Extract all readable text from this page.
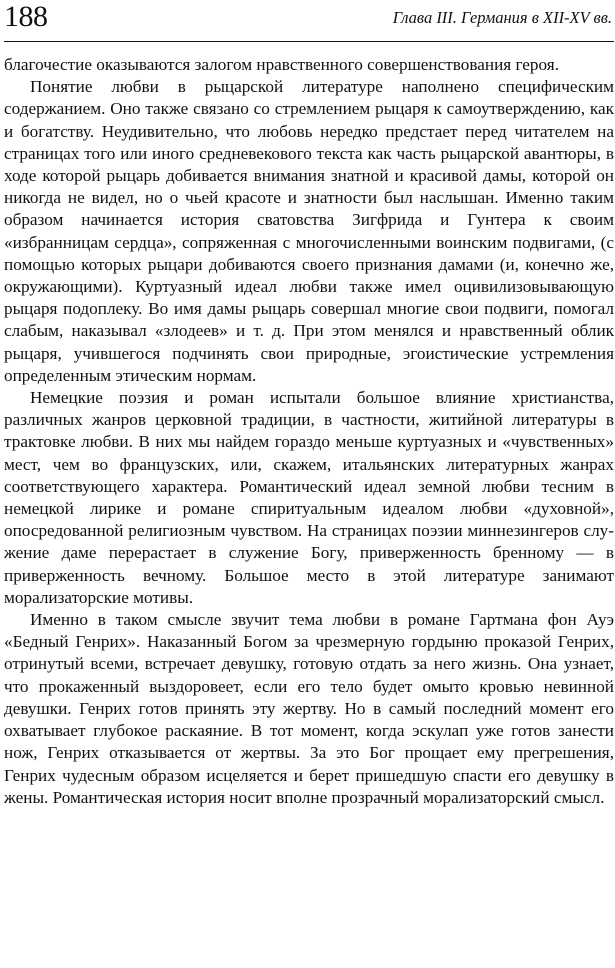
188	Глава III. Германия в XII-XV вв.

благочестие оказываются залогом нравственного совершенствования героя.

Понятие любви в рыцарской литературе наполнено специфическим содержанием. Оно также связано со стремлением рыцаря к самоутверждению, как и богатству. Неудивительно, что любовь нередко предстает перед читателем на страницах того или иного средневекового текста как часть рыцарской авантюры, в ходе которой рыцарь добивается внимания знатной и красивой дамы, которой он никогда не видел, но о чьей красоте и знатности был наслышан. Именно таким образом начинается история сватовства Зигфрида и Гунтера к своим «избранницам сердца», сопряженная с многочисленными воинским подвигами, (с помощью которых рыцари добиваются своего признания дамами (и, конечно же, окружающими). Куртуазный идеал любви также имел оцивилизовывающую рыцаря подоплеку. Во имя дамы рыцарь совершал многие свои подвиги, помогал слабым, наказывал «злодеев» и т. д. При этом менялся и нравственный облик рыцаря, учившегося подчинять свои природные, эгоистические устремления определенным этическим нормам.

Немецкие поэзия и роман испытали большое влияние христианства, различных жанров церковной традиции, в частности, житийной литературы в трактовке любви. В них мы найдем гораздо меньше куртуазных и «чувственных» мест, чем во французских, или, скажем, итальянских литературных жанрах соответствующего характера. Романтический идеал земной любви тесним в немецкой лирике и романе спиритуальным идеалом любви «духовной», опосредованной религиозным чувством. На страницах поэзии миннезингеров служение даме перерастает в служение Богу, приверженность бренному — в приверженность вечному. Большое место в этой литературе занимают морализаторские мотивы.

Именно в таком смысле звучит тема любви в романе Гартмана фон Ауэ «Бедный Генрих». Наказанный Богом за чрезмерную гордыню проказой Генрих, отринутый всеми, встречает девушку, готовую отдать за него жизнь. Она узнает, что прокаженный выздоровеет, если его тело будет омыто кровью невинной девушки. Генрих готов принять эту жертву. Но в самый последний момент его охватывает глубокое раскаяние. В тот момент, когда эскулап уже готов занести нож, Генрих отказывается от жертвы. За это Бог прощает ему прегрешения, Генрих чудесным образом исцеляется и берет пришедшую спасти его девушку в жены. Романтическая история носит вполне прозрачный морализаторский смысл.
